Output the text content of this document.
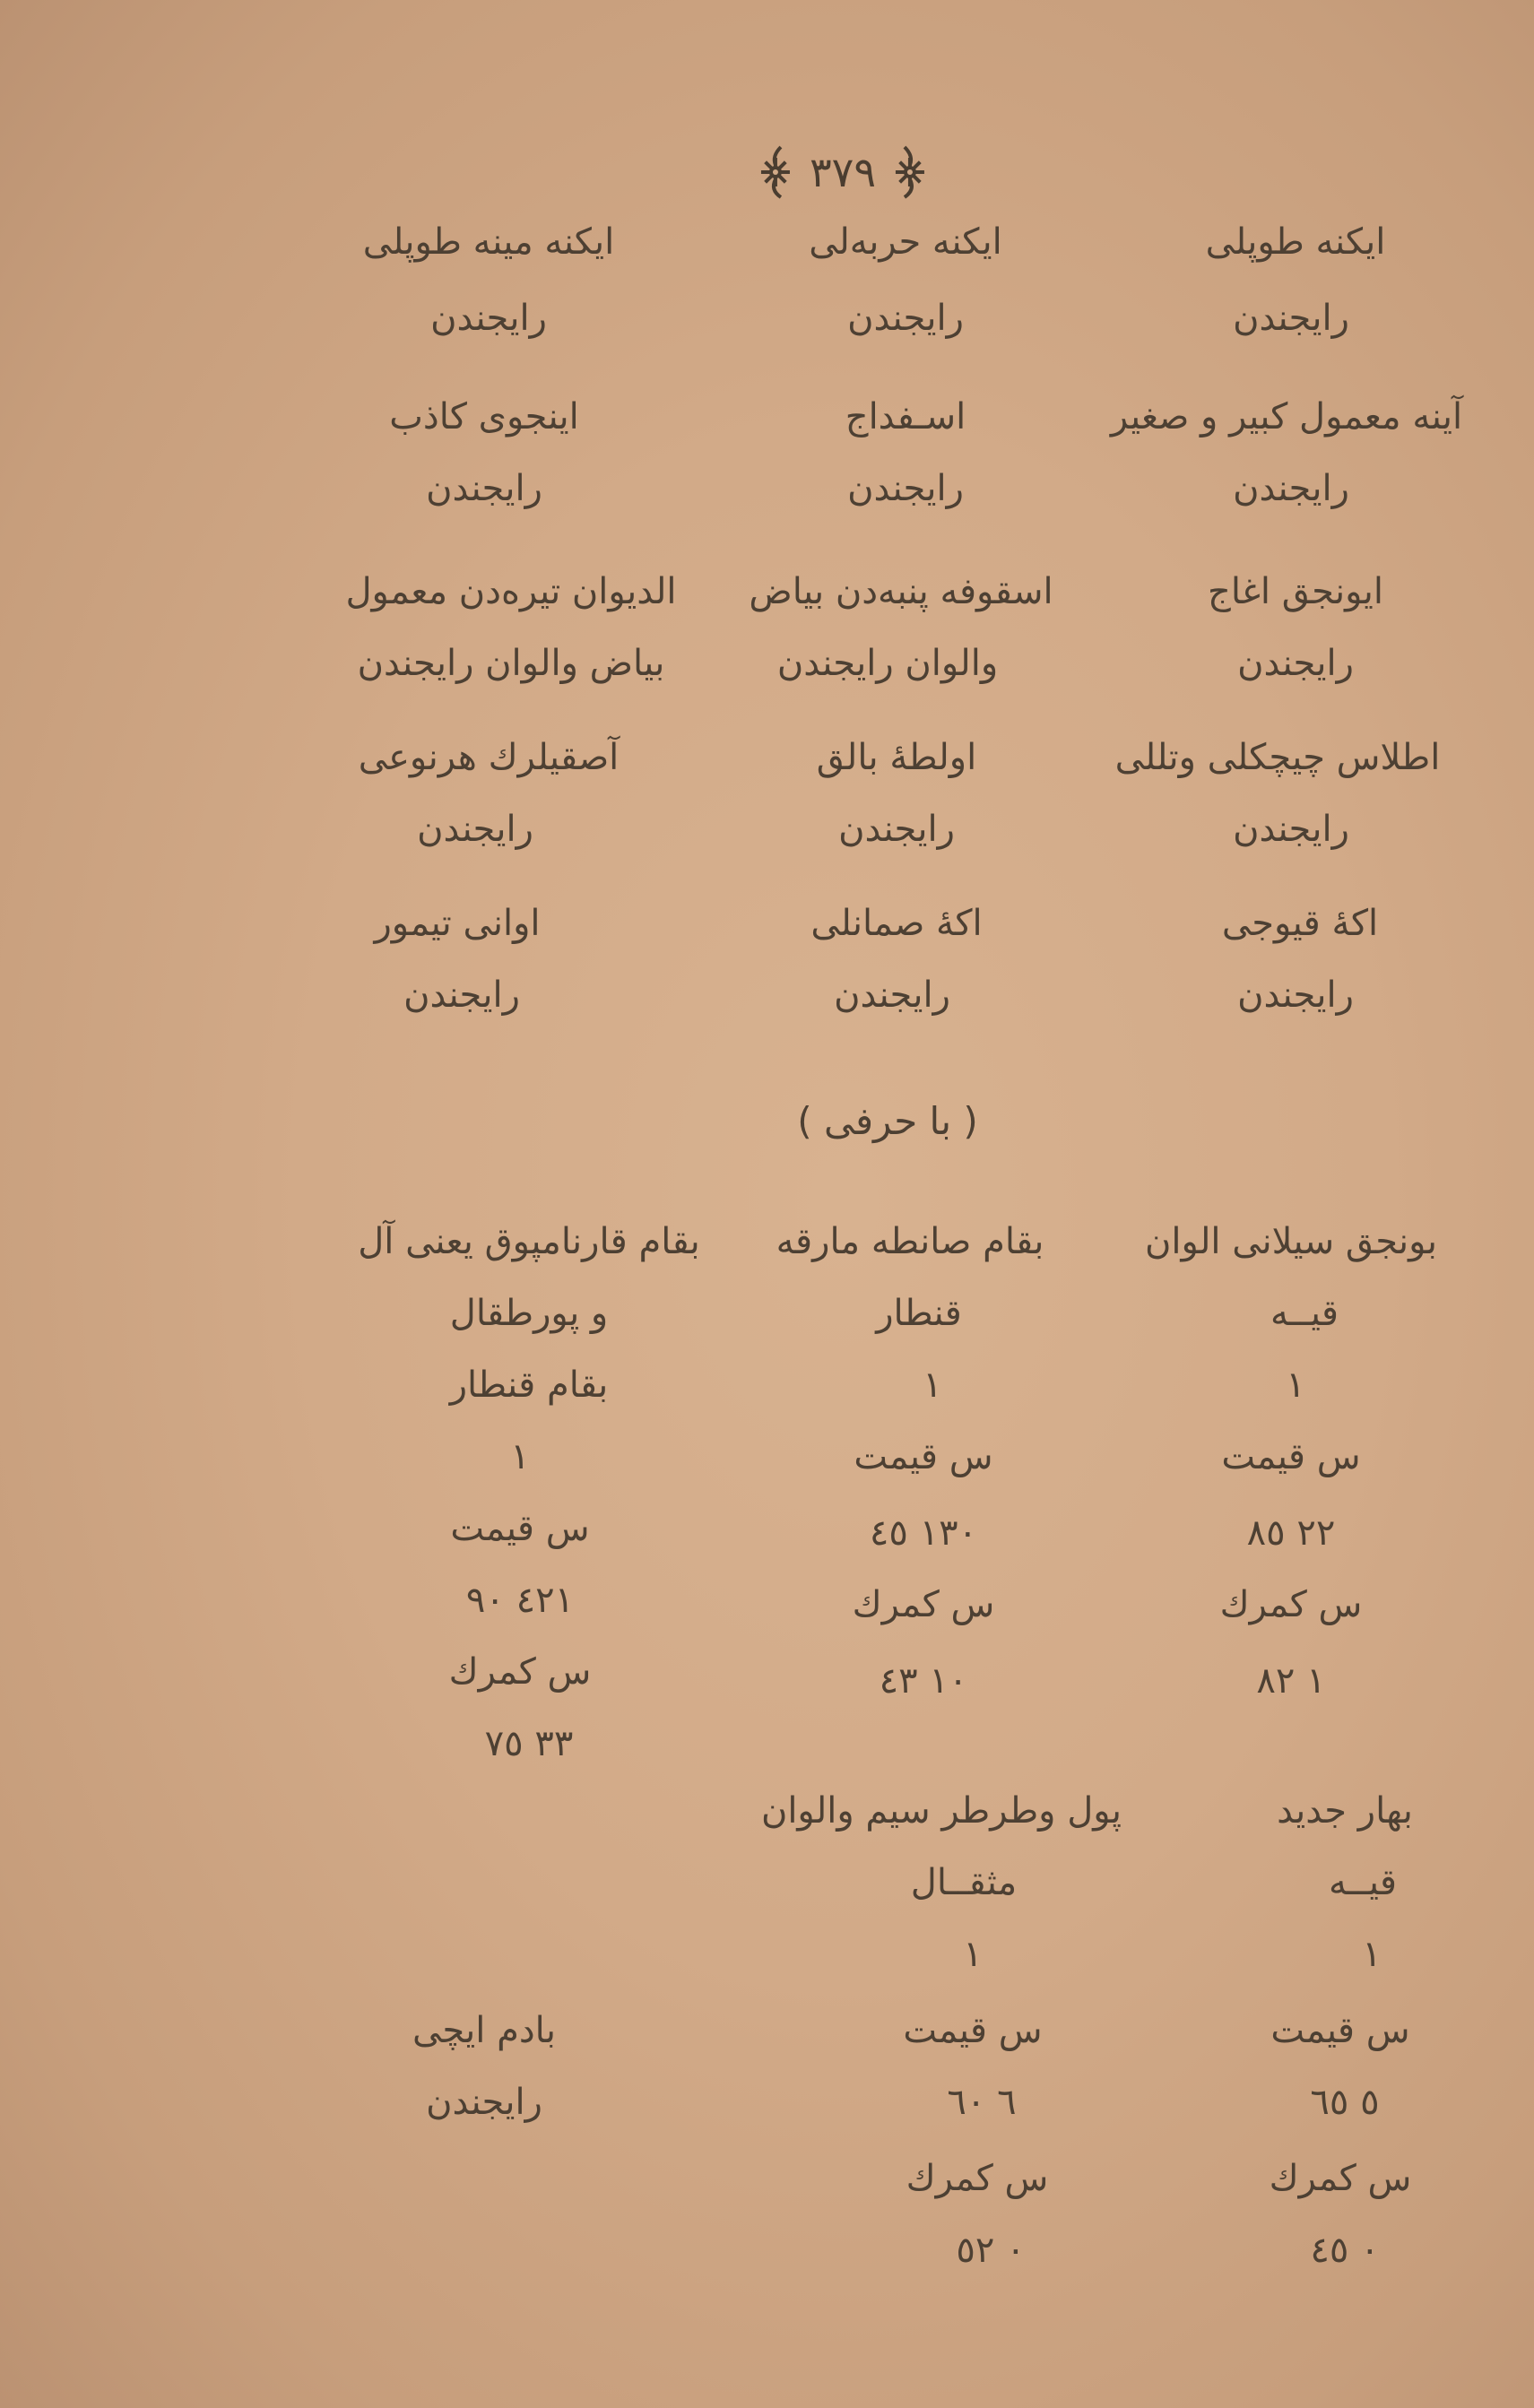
٣٧٩
ایکنه طوپلی
رایجندن
آینه معمول کبیر و صغیر
رایجندن
ایونجق اغاج
رایجندن
اطلاس چیچکلی وتللی
رایجندن
اکهٔ قیوجی
رایجندن
ایکنه حربه‌لی
رایجندن
اسـفداج
رایجندن
اسقوفه پنبه‌دن بیاض
والوان رایجندن
اولطهٔ بالق
رایجندن
اکهٔ صمانلی
رایجندن
ایکنه مینه طوپلی
رایجندن
اینجوی کاذب
رایجندن
الدیوان تیره‌دن معمول
بیاض والوان رایجندن
آصقیلرك هرنوعی
رایجندن
اوانی تیمور
رایجندن
( با حرفی )
بونجق سیلانی الوان
قیــه
١
س قیمت
٢٢ ٨٥
س کمرك
١ ٨٢
بقام صانطه مارقه
قنطار
١
س قیمت
١٣٠ ٤٥
س کمرك
١٠ ٤٣
بقام قارنامپوق یعنی آل
و پورطقال
بقام قنطار
١
س قیمت
٤٢١ ٩٠
س کمرك
٣٣ ٧٥
بهار جدید
قیــه
١
س قیمت
٥ ٦٥
س کمرك
٠ ٤٥
پول وطرطر سیم والوان
مثقــال
١
س قیمت
٦ ٦٠
س کمرك
٠ ٥٢
بادم ایچی
رایجندن
